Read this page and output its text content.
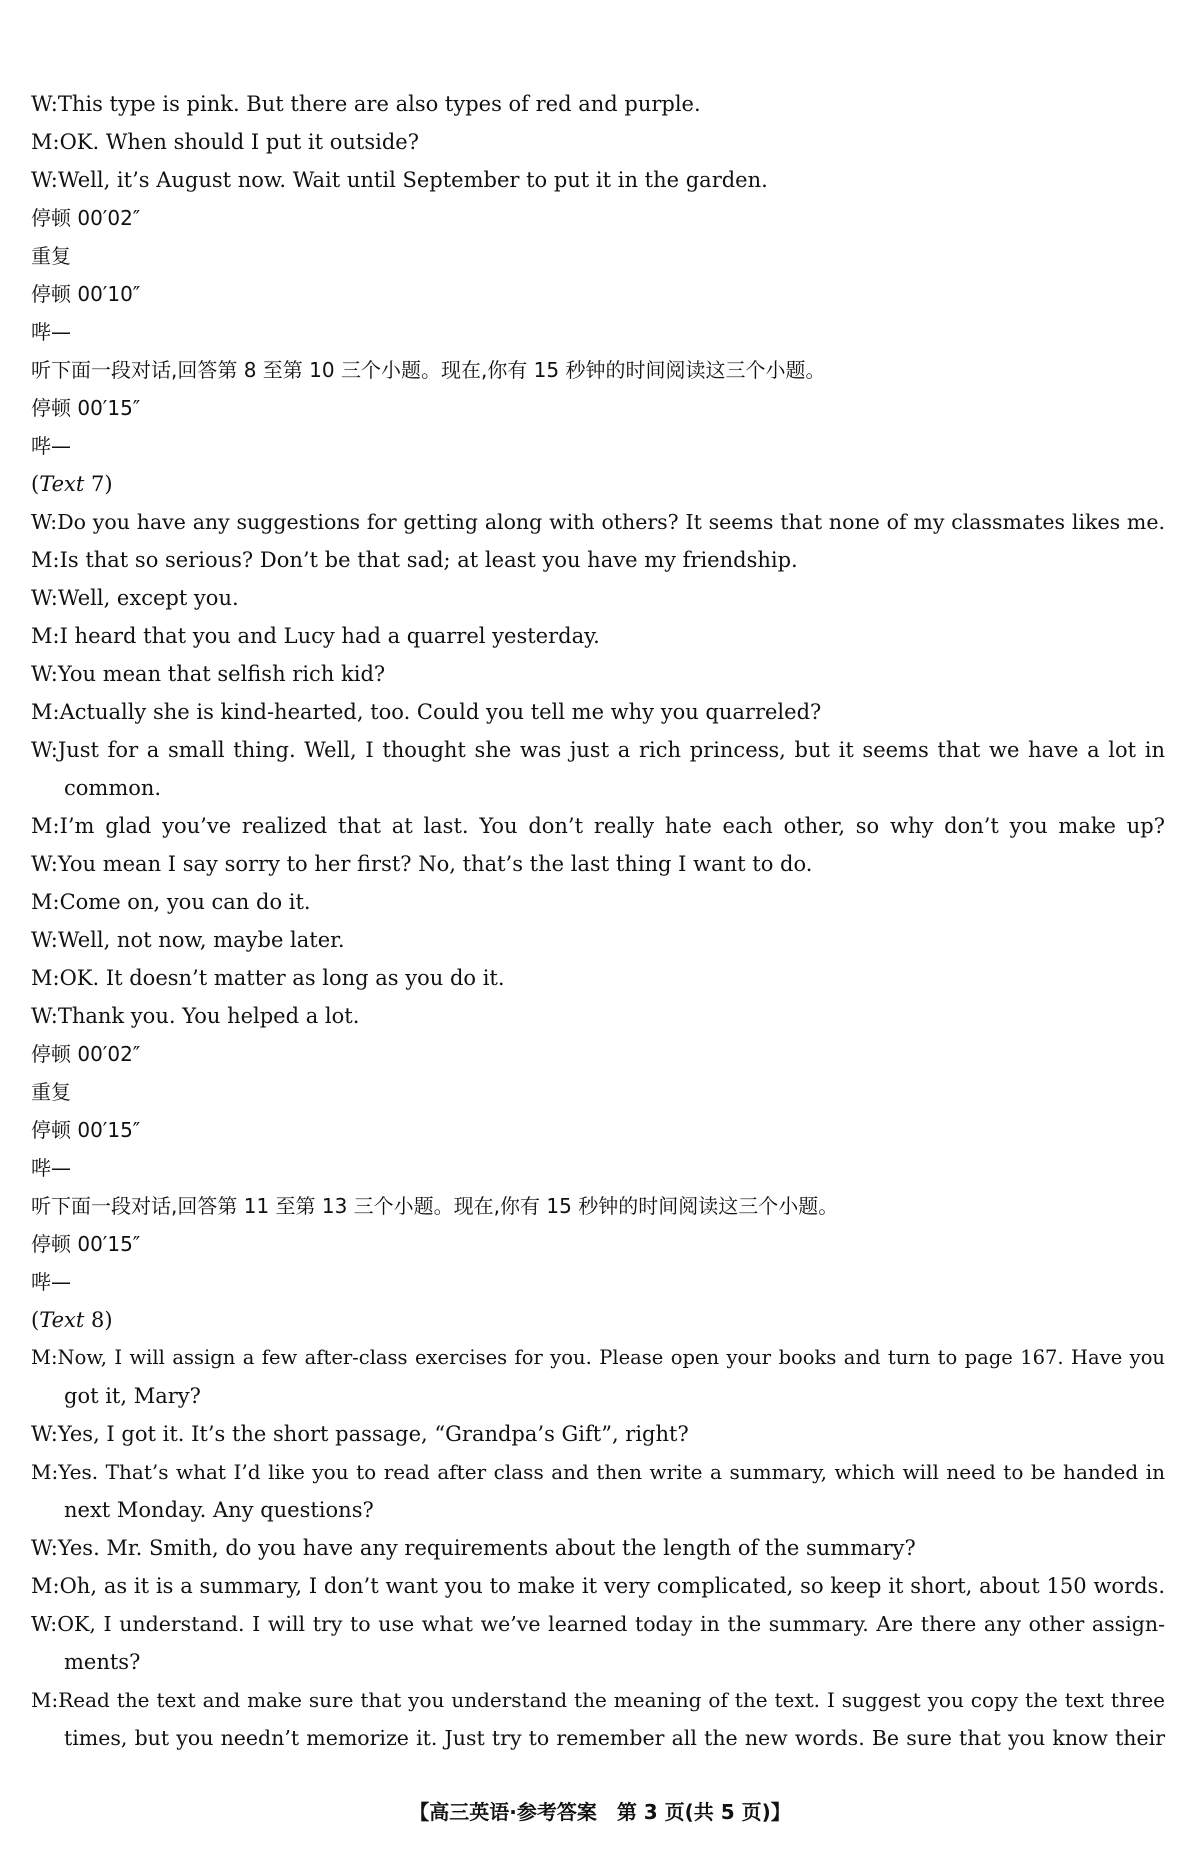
W:This type is pink. But there are also types of red and purple.
M:OK. When should I put it outside?
W:Well, it’s August now. Wait until September to put it in the garden.
停顿 00′02″
重复
停顿 00′10″
哔—
听下面一段对话,回答第 8 至第 10 三个小题。现在,你有 15 秒钟的时间阅读这三个小题。
停顿 00′15″
哔—
(Text 7)
W:Do you have any suggestions for getting along with others? It seems that none of my classmates likes me.
M:Is that so serious? Don’t be that sad; at least you have my friendship.
W:Well, except you.
M:I heard that you and Lucy had a quarrel yesterday.
W:You mean that selfish rich kid?
M:Actually she is kind-hearted, too. Could you tell me why you quarreled?
W:Just for a small thing. Well, I thought she was just a rich princess, but it seems that we have a lot in
common.
M:I’m glad you’ve realized that at last. You don’t really hate each other, so why don’t you make up?
W:You mean I say sorry to her first? No, that’s the last thing I want to do.
M:Come on, you can do it.
W:Well, not now, maybe later.
M:OK. It doesn’t matter as long as you do it.
W:Thank you. You helped a lot.
停顿 00′02″
重复
停顿 00′15″
哔—
听下面一段对话,回答第 11 至第 13 三个小题。现在,你有 15 秒钟的时间阅读这三个小题。
停顿 00′15″
哔—
(Text 8)
M:Now, I will assign a few after-class exercises for you. Please open your books and turn to page 167. Have you
got it, Mary?
W:Yes, I got it. It’s the short passage, “Grandpa’s Gift”, right?
M:Yes. That’s what I’d like you to read after class and then write a summary, which will need to be handed in
next Monday. Any questions?
W:Yes. Mr. Smith, do you have any requirements about the length of the summary?
M:Oh, as it is a summary, I don’t want you to make it very complicated, so keep it short, about 150 words.
W:OK, I understand. I will try to use what we’ve learned today in the summary. Are there any other assign-
ments?
M:Read the text and make sure that you understand the meaning of the text. I suggest you copy the text three
times, but you needn’t memorize it. Just try to remember all the new words. Be sure that you know their
【高三英语·参考答案　第 3 页(共 5 页)】
